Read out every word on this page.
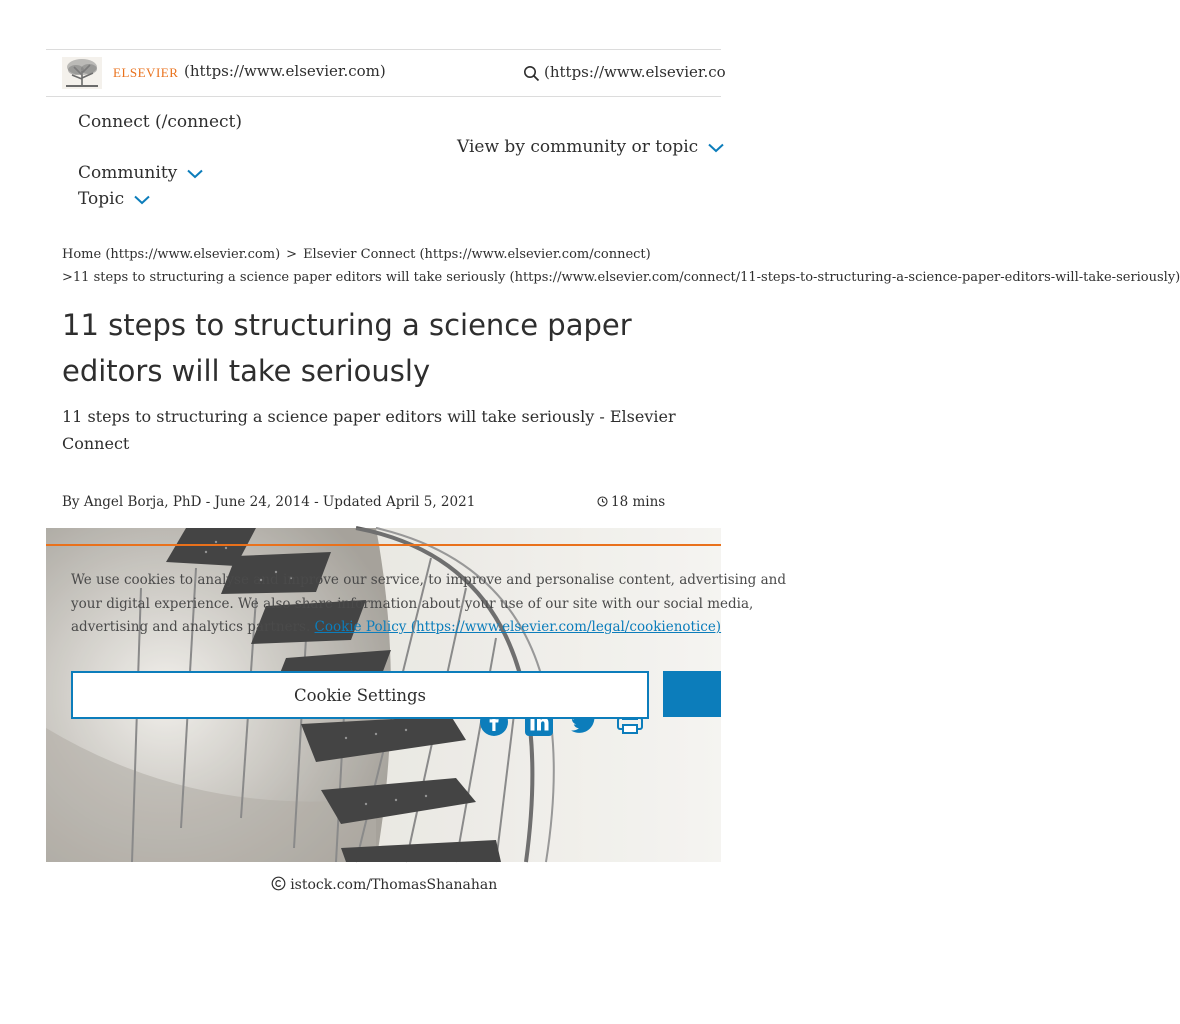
ELSEVIER (https://www.elsevier.com)	(https://www.elsevier.co
Connect (/connect)
Community
Topic
View by community or topic
Home (https://www.elsevier.com) > Elsevier Connect (https://www.elsevier.com/connect)
>11 steps to structuring a science paper editors will take seriously (https://www.elsevier.com/connect/11-steps-to-structuring-a-science-paper-editors-will-take-seriously)
11 steps to structuring a science paper editors will take seriously
11 steps to structuring a science paper editors will take seriously - Elsevier Connect
By Angel Borja, PhD - June 24, 2014 - Updated April 5, 2021	18 mins
We use cookies to analyse and improve our service, to improve and personalise content, advertising and
your digital experience. We also share information about your use of our site with our social media,
advertising and analytics partners. Cookie Policy (https://www.elsevier.com/legal/cookienotice)
Cookie Settings
istock.com/ThomasShanahan
